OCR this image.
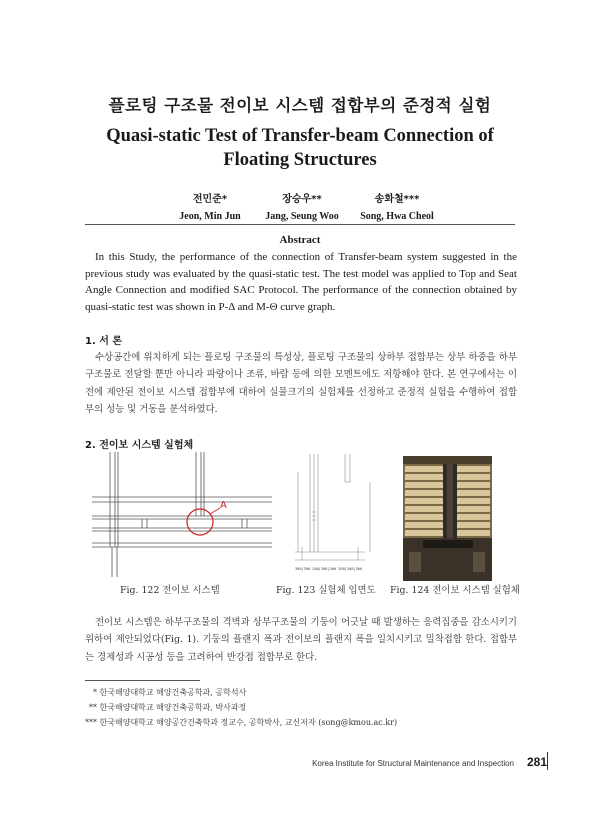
플로팅 구조물 전이보 시스템 접합부의 준정적 실험
Quasi-static Test of Transfer-beam Connection of Floating Structures
전민준*
Jeon, Min Jun
장승우**
Jang, Seung Woo
송화철***
Song, Hwa Cheol
Abstract
In this Study, the performance of the connection of Transfer-beam system suggested in the previous study was evaluated by the quasi-static test. The test model was applied to Top and Seat Angle Connection and modified SAC Protocol. The performance of the connection obtained by quasi-static test was shown in P-Δ and M-Θ curve graph.
1. 서 론
수상공간에 위치하게 되는 플로팅 구조물의 특성상, 플로팅 구조물의 상하부 접합부는 상부 하중을 하부구조물로 전달할 뿐만 아니라 파랑이나 조류, 바람 등에 의한 모멘트에도 저항해야 한다. 본 연구에서는 이전에 제안된 전이보 시스템 접합부에 대하여 실물크기의 실험체를 선정하고 준정적 실험을 수행하여 접합부의 성능 및 거동을 분석하였다.
2. 전이보 시스템 실험체
A
Fig. 122 전이보 시스템
300|300 200|300|300 200|300|300
Fig. 123 실험체 입면도 Fig. 124 전이보 시스템 실험체
전이보 시스템은 하부구조물의 격벽과 상부구조물의 기둥이 어긋날 때 발생하는 응력집중을 감소시키기 위하여 제안되었다(Fig. 1). 기둥의 플랜지 폭과 전이보의 플랜지 폭을 일치시키고 밀착접합 한다. 접합부는 경제성과 시공성 등을 고려하여 반강접 접합부로 한다.
* 한국해양대학교 해양건축공학과, 공학석사
** 한국해양대학교 해양건축공학과, 박사과정
*** 한국해양대학교 해양공간건축학과 정교수, 공학박사, 교신저자 (song@kmou.ac.kr)
Korea Institute for Structural Maintenance and Inspection 281
